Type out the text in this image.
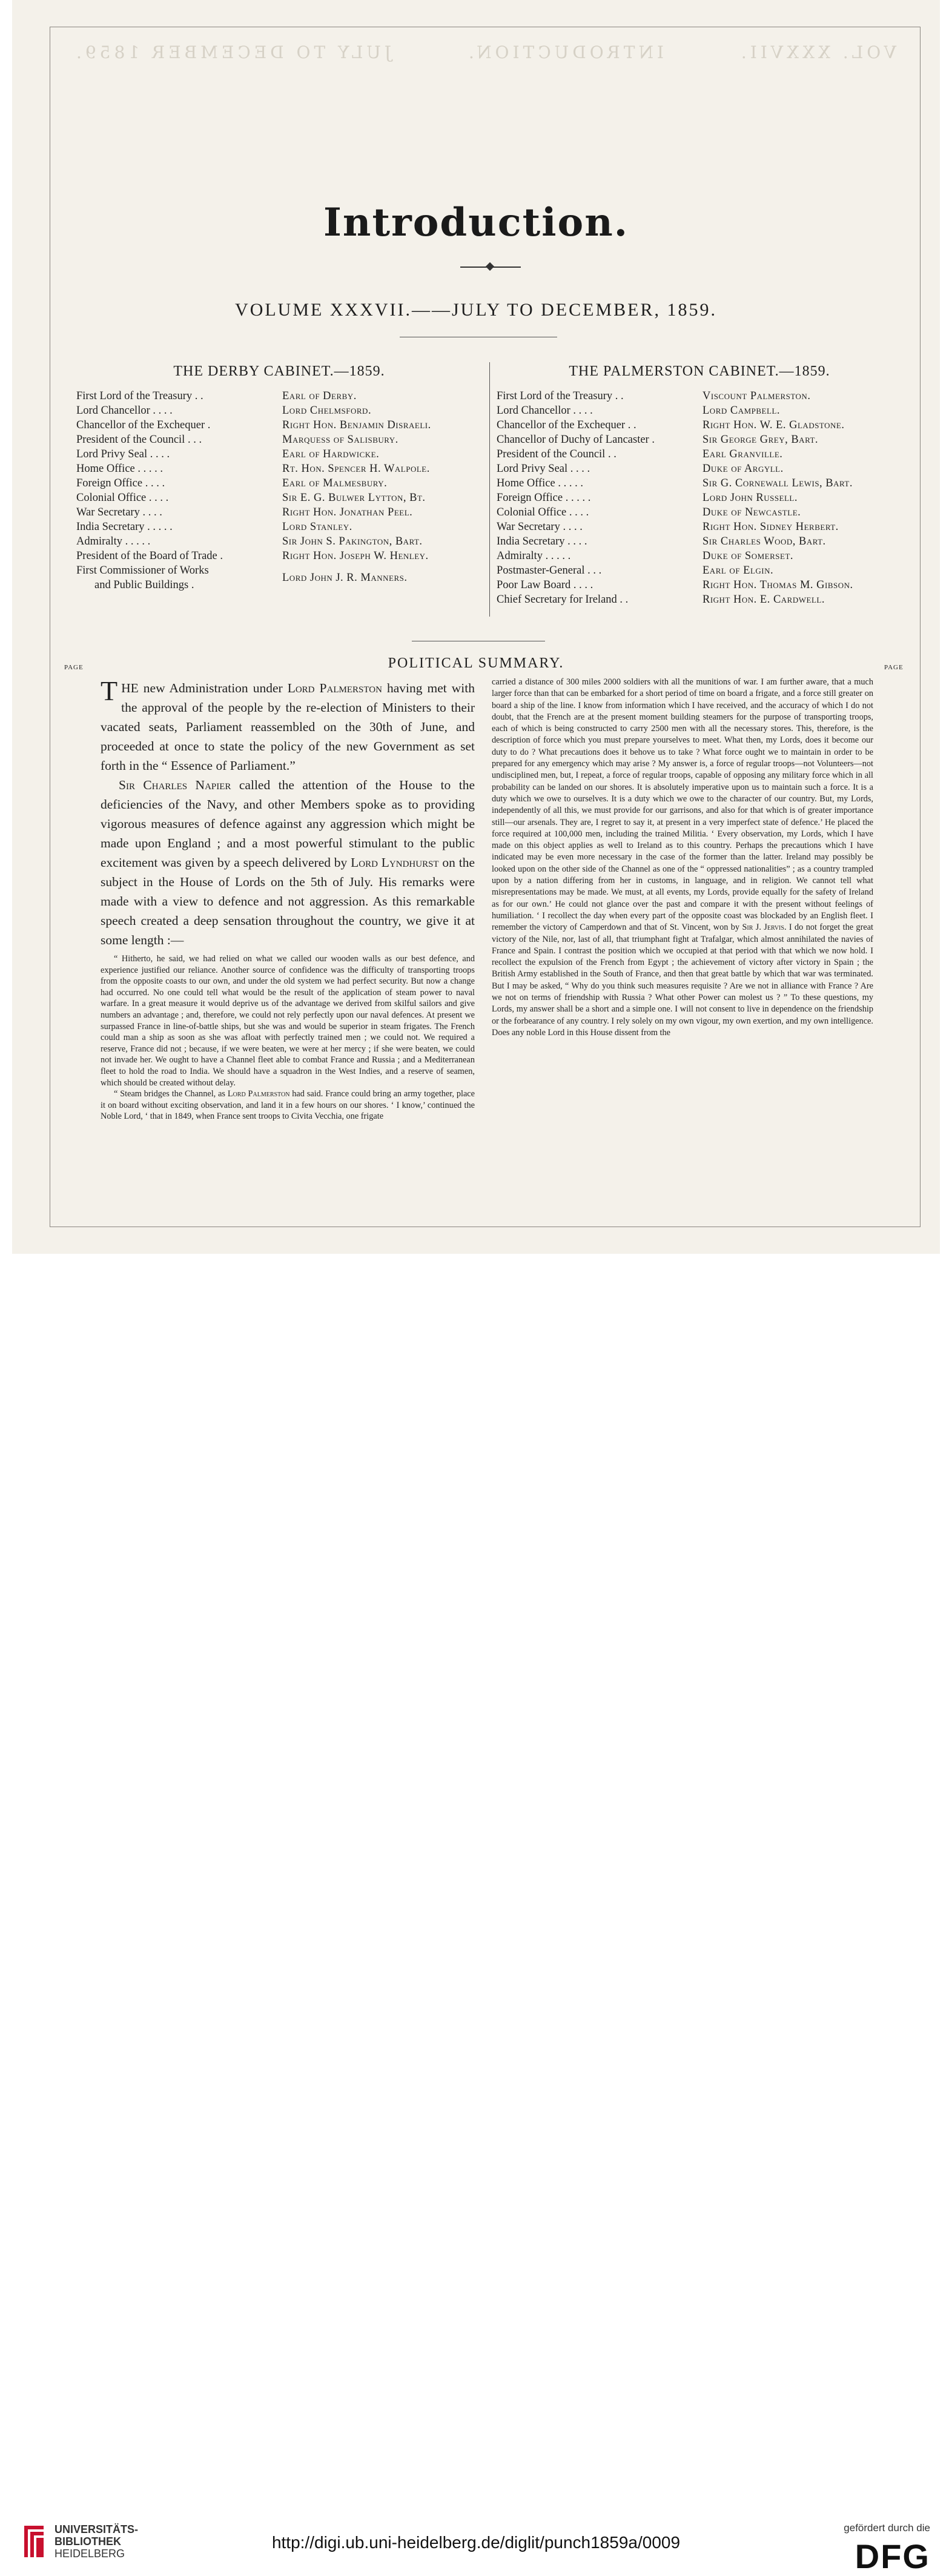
VOL. XXXVII.
INTRODUCTION.
JULY TO DECEMBER 1859.
Introduction.
VOLUME XXXVII.——JULY TO DECEMBER, 1859.
THE DERBY CABINET.—1859.
First Lord of the Treasury . .	Earl of Derby.
Lord Chancellor . . . .	Lord Chelmsford.
Chancellor of the Exchequer .	Right Hon. Benjamin Disraeli.
President of the Council . . .	Marquess of Salisbury.
Lord Privy Seal . . . .	Earl of Hardwicke.
Home Office . . . . .	Rt. Hon. Spencer H. Walpole.
Foreign Office . . . .	Earl of Malmesbury.
Colonial Office . . . .	Sir E. G. Bulwer Lytton, Bt.
War Secretary . . . .	Right Hon. Jonathan Peel.
India Secretary . . . . .	Lord Stanley.
Admiralty . . . . .	Sir John S. Pakington, Bart.
President of the Board of Trade .	Right Hon. Joseph W. Henley.
First Commissioner of Works
and Public Buildings .
Lord John J. R. Manners.
THE PALMERSTON CABINET.—1859.
First Lord of the Treasury . .	Viscount Palmerston.
Lord Chancellor . . . .	Lord Campbell.
Chancellor of the Exchequer . .	Right Hon. W. E. Gladstone.
Chancellor of Duchy of Lancaster .	Sir George Grey, Bart.
President of the Council . .	Earl Granville.
Lord Privy Seal . . . .	Duke of Argyll.
Home Office . . . . .	Sir G. Cornewall Lewis, Bart.
Foreign Office . . . . .	Lord John Russell.
Colonial Office . . . .	Duke of Newcastle.
War Secretary . . . .	Right Hon. Sidney Herbert.
India Secretary . . . .	Sir Charles Wood, Bart.
Admiralty . . . . .	Duke of Somerset.
Postmaster-General . . .	Earl of Elgin.
Poor Law Board . . . .	Right Hon. Thomas M. Gibson.
Chief Secretary for Ireland . .	Right Hon. E. Cardwell.
POLITICAL SUMMARY.
PAGE	PAGE

THE new Administration under Lord Palmerston having met with the approval of the people by the re-election of Ministers to their vacated seats, Parliament reassembled on the 30th of June, and proceeded at once to state the policy of the new Government as set forth in the “ Essence of Parliament.”

Sir Charles Napier called the attention of the House to the deficiencies of the Navy, and other Members spoke as to providing vigorous measures of defence against any aggression which might be made upon England ; and a most powerful stimulant to the public excitement was given by a speech delivered by Lord Lyndhurst on the subject in the House of Lords on the 5th of July. His remarks were made with a view to defence and not aggression. As this remarkable speech created a deep sensation throughout the country, we give it at some length :—

“ Hitherto, he said, we had relied on what we called our wooden walls as our best defence, and experience justified our reliance. Another source of confidence was the difficulty of transporting troops from the opposite coasts to our own, and under the old system we had perfect security. But now a change had occurred. No one could tell what would be the result of the application of steam power to naval warfare. In a great measure it would deprive us of the advantage we derived from skilful sailors and give numbers an advantage ; and, therefore, we could not rely perfectly upon our naval defences. At present we surpassed France in line-of-battle ships, but she was and would be superior in steam frigates. The French could man a ship as soon as she was afloat with perfectly trained men ; we could not. We required a reserve, France did not ; because, if we were beaten, we were at her mercy ; if she were beaten, we could not invade her. We ought to have a Channel fleet able to combat France and Russia ; and a Mediterranean fleet to hold the road to India. We should have a squadron in the West Indies, and a reserve of seamen, which should be created without delay.

“ Steam bridges the Channel, as Lord Palmerston had said. France could bring an army together, place it on board without exciting observation, and land it in a few hours on our shores. ‘ I know,’ continued the Noble Lord, ‘ that in 1849, when France sent troops to Civita Vecchia, one frigate

carried a distance of 300 miles 2000 soldiers with all the munitions of war. I am further aware, that a much larger force than that can be embarked for a short period of time on board a frigate, and a force still greater on board a ship of the line. I know from information which I have received, and the accuracy of which I do not doubt, that the French are at the present moment building steamers for the purpose of transporting troops, each of which is being constructed to carry 2500 men with all the necessary stores. This, therefore, is the description of force which you must prepare yourselves to meet. What then, my Lords, does it become our duty to do ? What precautions does it behove us to take ? What force ought we to maintain in order to be prepared for any emergency which may arise ? My answer is, a force of regular troops—not Volunteers—not undisciplined men, but, I repeat, a force of regular troops, capable of opposing any military force which in all probability can be landed on our shores. It is absolutely imperative upon us to maintain such a force. It is a duty which we owe to ourselves. It is a duty which we owe to the character of our country. But, my Lords, independently of all this, we must provide for our garrisons, and also for that which is of greater importance still—our arsenals. They are, I regret to say it, at present in a very imperfect state of defence.’ He placed the force required at 100,000 men, including the trained Militia. ‘ Every observation, my Lords, which I have made on this object applies as well to Ireland as to this country. Perhaps the precautions which I have indicated may be even more necessary in the case of the former than the latter. Ireland may possibly be looked upon on the other side of the Channel as one of the “ oppressed nationalities” ; as a country trampled upon by a nation differing from her in customs, in language, and in religion. We cannot tell what misrepresentations may be made. We must, at all events, my Lords, provide equally for the safety of Ireland as for our own.’ He could not glance over the past and compare it with the present without feelings of humiliation. ‘ I recollect the day when every part of the opposite coast was blockaded by an English fleet. I remember the victory of Camperdown and that of St. Vincent, won by Sir J. Jervis. I do not forget the great victory of the Nile, nor, last of all, that triumphant fight at Trafalgar, which almost annihilated the navies of France and Spain. I contrast the position which we occupied at that period with that which we now hold. I recollect the expulsion of the French from Egypt ; the achievement of victory after victory in Spain ; the British Army established in the South of France, and then that great battle by which that war was terminated. But I may be asked, “ Why do you think such measures requisite ? Are we not in alliance with France ? Are we not on terms of friendship with Russia ? What other Power can molest us ? ” To these questions, my Lords, my answer shall be a short and a simple one. I will not consent to live in dependence on the friendship or the forbearance of any country. I rely solely on my own vigour, my own exertion, and my own intelligence. Does any noble Lord in this House dissent from the

UNIVERSITÄTS-
BIBLIOTHEK
HEIDELBERG
http://digi.ub.uni-heidelberg.de/diglit/punch1859a/0009
gefördert durch die
DFG
